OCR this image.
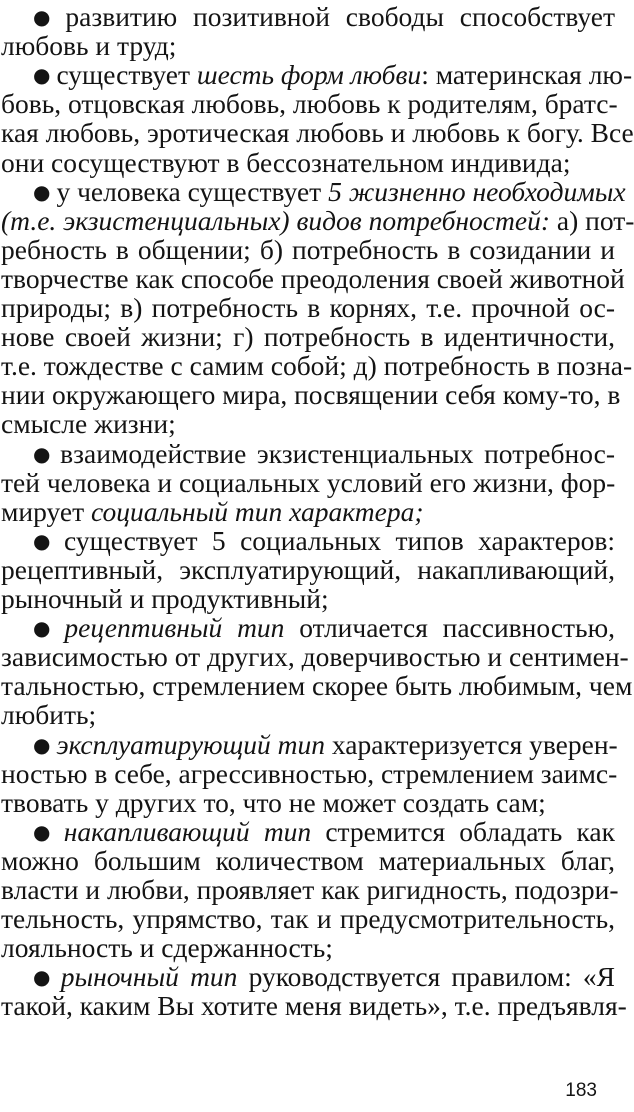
● развитию позитивной свободы способствует
любовь и труд;
● существует шесть форм любви: материнская лю-
бовь, отцовская любовь, любовь к родителям, братс-
кая любовь, эротическая любовь и любовь к богу. Все
они сосуществуют в бессознательном индивида;
● у человека существует 5 жизненно необходимых
(т.е. экзистенциальных) видов потребностей: а) пот-
ребность в общении; б) потребность в созидании и
творчестве как способе преодоления своей животной
природы; в) потребность в корнях, т.е. прочной ос-
нове своей жизни; г) потребность в идентичности,
т.е. тождестве с самим собой; д) потребность в позна-
нии окружающего мира, посвящении себя кому-то, в
смысле жизни;
● взаимодействие экзистенциальных потребнос-
тей человека и социальных условий его жизни, фор-
мирует социальный тип характера;
● существует 5 социальных типов характеров:
рецептивный, эксплуатирующий, накапливающий,
рыночный и продуктивный;
● рецептивный тип отличается пассивностью,
зависимостью от других, доверчивостью и сентимен-
тальностью, стремлением скорее быть любимым, чем
любить;
● эксплуатирующий тип характеризуется уверен-
ностью в себе, агрессивностью, стремлением заимс-
твовать у других то, что не может создать сам;
● накапливающий тип стремится обладать как
можно большим количеством материальных благ,
власти и любви, проявляет как ригидность, подозри-
тельность, упрямство, так и предусмотрительность,
лояльность и сдержанность;
● рыночный тип руководствуется правилом: «Я
такой, каким Вы хотите меня видеть», т.е. предъявля-
183
